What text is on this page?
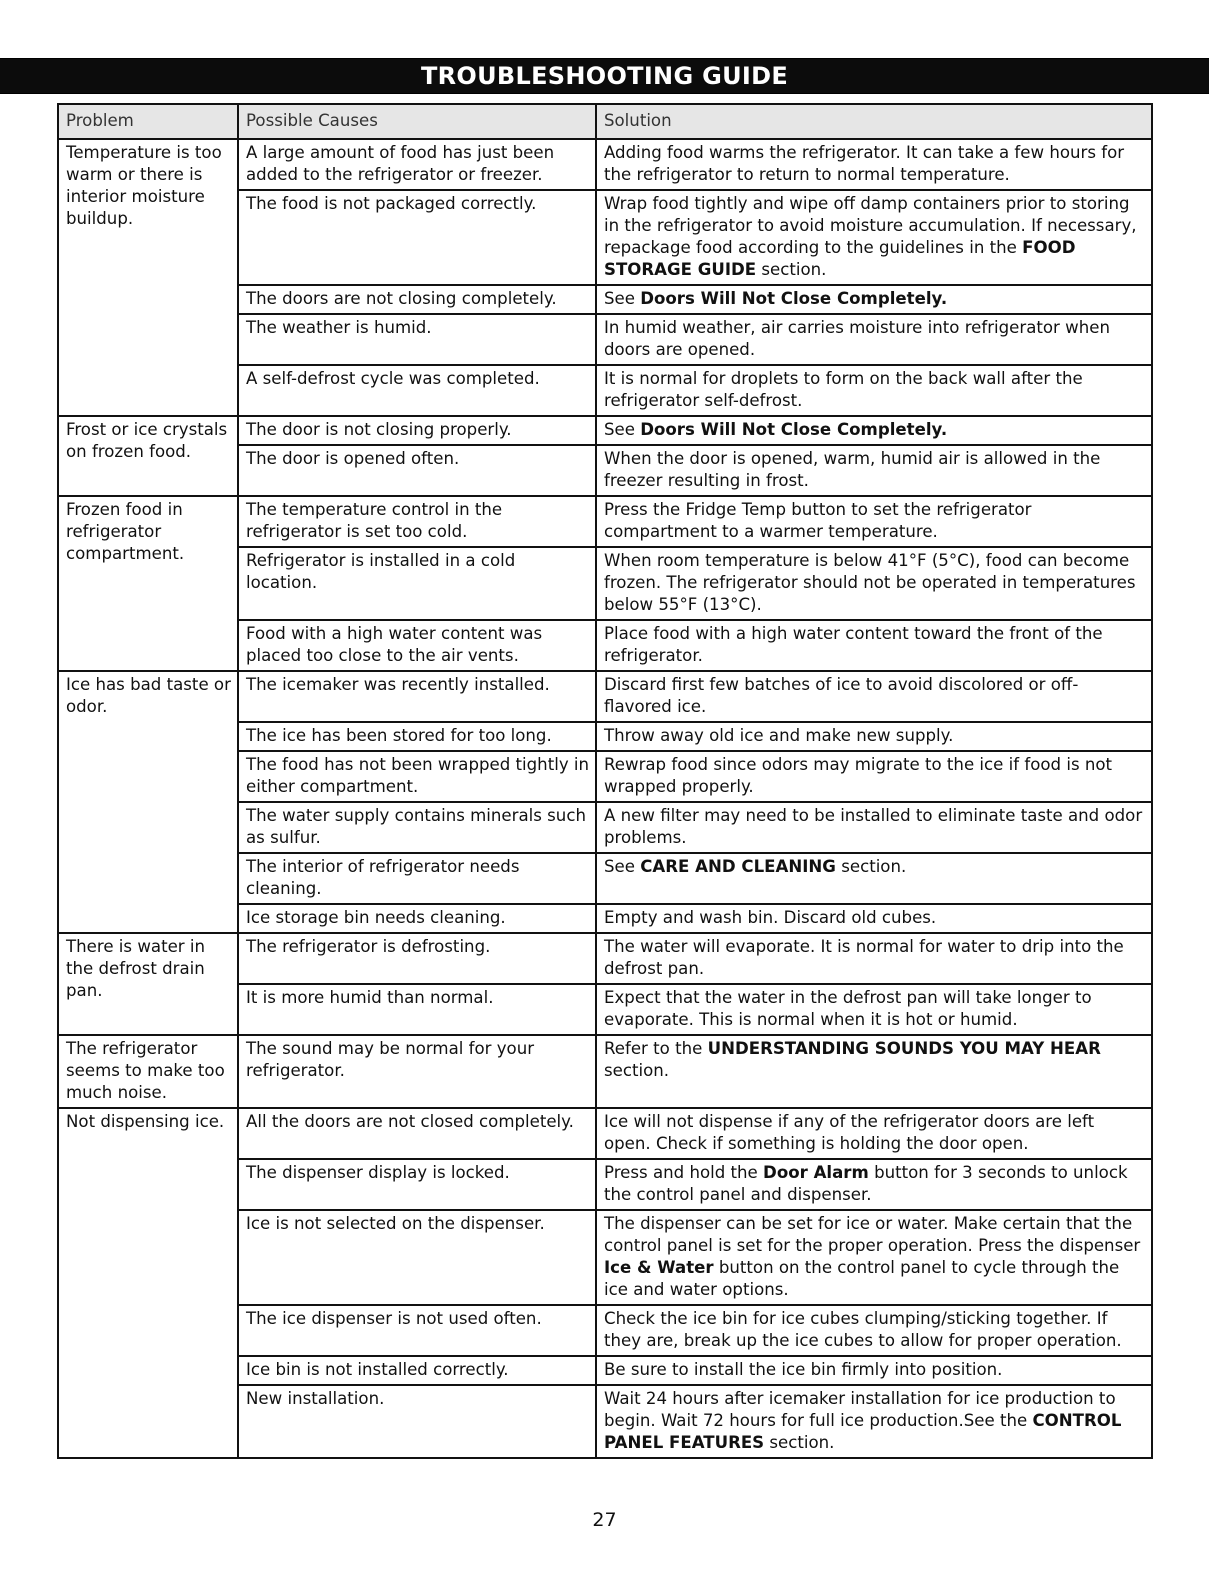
TROUBLESHOOTING GUIDE
Problem	Possible Causes	Solution
Temperature is too warm or there is interior moisture buildup.	A large amount of food has just been added to the refrigerator or freezer.	Adding food warms the refrigerator. It can take a few hours for the refrigerator to return to normal temperature.
	The food is not packaged correctly.	Wrap food tightly and wipe off damp containers prior to storing in the refrigerator to avoid moisture accumulation. If necessary, repackage food according to the guidelines in the FOOD STORAGE GUIDE section.
	The doors are not closing completely.	See Doors Will Not Close Completely.
	The weather is humid.	In humid weather, air carries moisture into refrigerator when doors are opened.
	A self-defrost cycle was completed.	It is normal for droplets to form on the back wall after the refrigerator self-defrost.
Frost or ice crystals on frozen food.	The door is not closing properly.	See Doors Will Not Close Completely.
	The door is opened often.	When the door is opened, warm, humid air is allowed in the freezer resulting in frost.
Frozen food in refrigerator compartment.	The temperature control in the refrigerator is set too cold.	Press the Fridge Temp button to set the refrigerator compartment to a warmer temperature.
	Refrigerator is installed in a cold location.	When room temperature is below 41°F (5°C), food can become frozen. The refrigerator should not be operated in temperatures below 55°F (13°C).
	Food with a high water content was placed too close to the air vents.	Place food with a high water content toward the front of the refrigerator.
Ice has bad taste or odor.	The icemaker was recently installed.	Discard first few batches of ice to avoid discolored or off-flavored ice.
	The ice has been stored for too long.	Throw away old ice and make new supply.
	The food has not been wrapped tightly in either compartment.	Rewrap food since odors may migrate to the ice if food is not wrapped properly.
	The water supply contains minerals such as sulfur.	A new filter may need to be installed to eliminate taste and odor problems.
	The interior of refrigerator needs cleaning.	See CARE AND CLEANING section.
	Ice storage bin needs cleaning.	Empty and wash bin. Discard old cubes.
There is water in the defrost drain pan.	The refrigerator is defrosting.	The water will evaporate. It is normal for water to drip into the defrost pan.
	It is more humid than normal.	Expect that the water in the defrost pan will take longer to evaporate. This is normal when it is hot or humid.
The refrigerator seems to make too much noise.	The sound may be normal for your refrigerator.	Refer to the UNDERSTANDING SOUNDS YOU MAY HEAR section.
Not dispensing ice.	All the doors are not closed completely.	Ice will not dispense if any of the refrigerator doors are left open. Check if something is holding the door open.
	The dispenser display is locked.	Press and hold the Door Alarm button for 3 seconds to unlock the control panel and dispenser.
	Ice is not selected on the dispenser.	The dispenser can be set for ice or water. Make certain that the control panel is set for the proper operation. Press the dispenser Ice & Water button on the control panel to cycle through the ice and water options.
	The ice dispenser is not used often.	Check the ice bin for ice cubes clumping/sticking together. If they are, break up the ice cubes to allow for proper operation.
	Ice bin is not installed correctly.	Be sure to install the ice bin firmly into position.
	New installation.	Wait 24 hours after icemaker installation for ice production to begin. Wait 72 hours for full ice production.See the CONTROL PANEL FEATURES section.
27
